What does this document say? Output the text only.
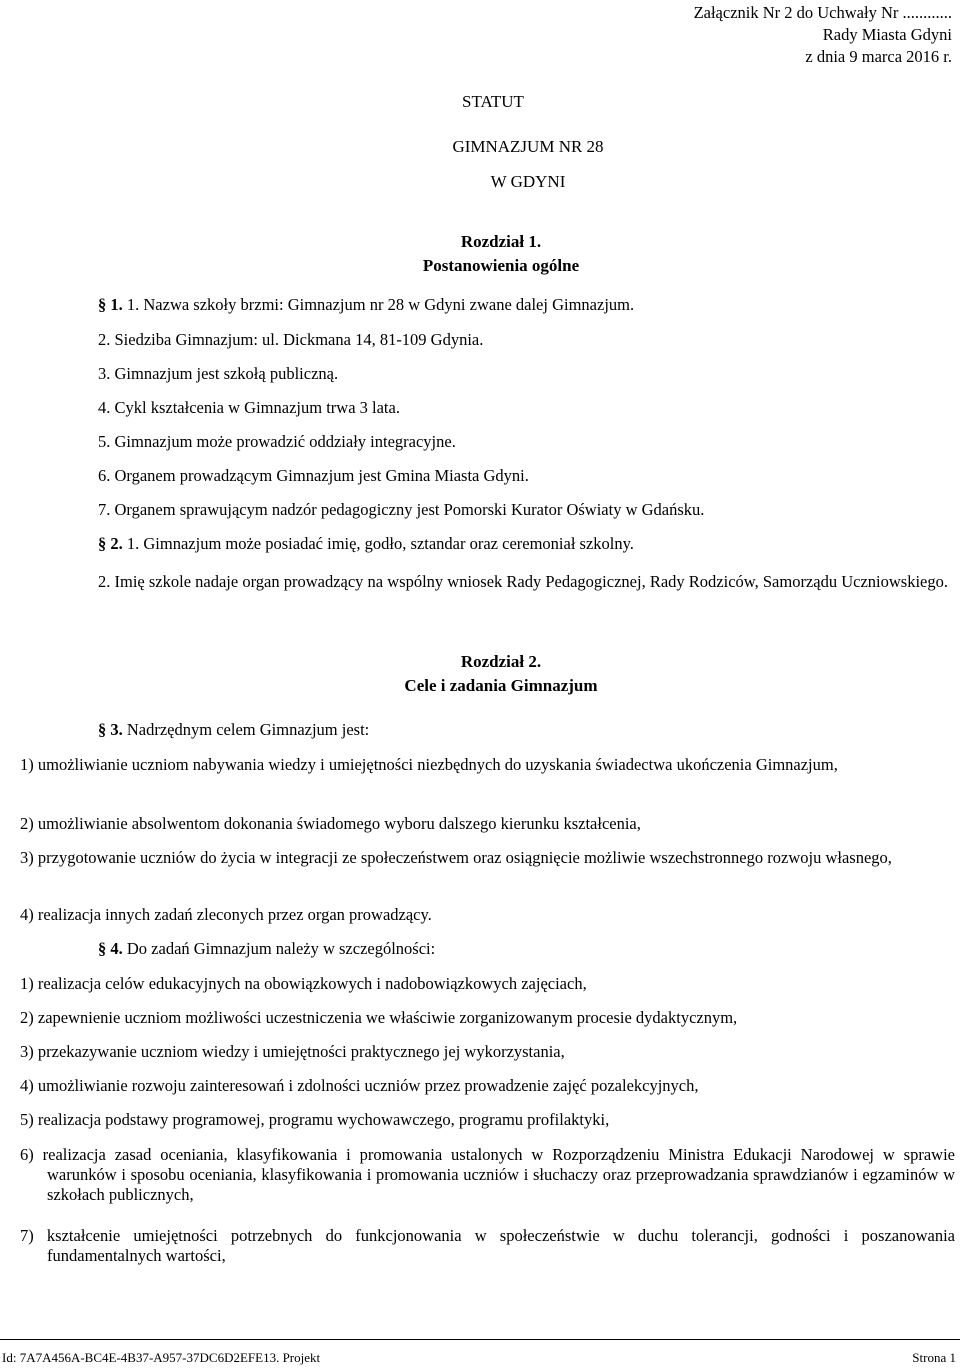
Załącznik Nr 2 do Uchwały Nr ............
Rady Miasta Gdyni
z dnia 9 marca 2016 r.
STATUT
GIMNAZJUM NR 28
W GDYNI
Rozdział 1.
Postanowienia ogólne
§ 1. 1. Nazwa szkoły brzmi: Gimnazjum nr 28 w Gdyni zwane dalej Gimnazjum.
2. Siedziba Gimnazjum: ul. Dickmana 14, 81-109 Gdynia.
3. Gimnazjum jest szkołą publiczną.
4. Cykl kształcenia w Gimnazjum trwa 3 lata.
5. Gimnazjum może prowadzić oddziały integracyjne.
6. Organem prowadzącym Gimnazjum jest Gmina Miasta Gdyni.
7. Organem sprawującym nadzór pedagogiczny jest Pomorski Kurator Oświaty w Gdańsku.
§ 2. 1. Gimnazjum może posiadać imię, godło, sztandar oraz ceremoniał szkolny.
2. Imię szkole nadaje organ prowadzący na wspólny wniosek Rady Pedagogicznej, Rady Rodziców, Samorządu Uczniowskiego.
Rozdział 2.
Cele i zadania Gimnazjum
§ 3. Nadrzędnym celem Gimnazjum jest:
1) umożliwianie uczniom nabywania wiedzy i umiejętności niezbędnych do uzyskania świadectwa ukończenia Gimnazjum,
2) umożliwianie absolwentom dokonania świadomego wyboru dalszego kierunku kształcenia,
3) przygotowanie uczniów do życia w integracji ze społeczeństwem oraz osiągnięcie możliwie wszechstronnego rozwoju własnego,
4) realizacja innych zadań zleconych przez organ prowadzący.
§ 4. Do zadań Gimnazjum należy w szczególności:
1) realizacja celów edukacyjnych na obowiązkowych i nadobowiązkowych zajęciach,
2) zapewnienie uczniom możliwości uczestniczenia we właściwie zorganizowanym procesie dydaktycznym,
3) przekazywanie uczniom wiedzy i umiejętności praktycznego jej wykorzystania,
4) umożliwianie rozwoju zainteresowań i zdolności uczniów przez prowadzenie zajęć pozalekcyjnych,
5) realizacja podstawy programowej, programu wychowawczego, programu profilaktyki,
6) realizacja zasad oceniania, klasyfikowania i promowania ustalonych w Rozporządzeniu Ministra Edukacji Narodowej w sprawie warunków i sposobu oceniania, klasyfikowania i promowania uczniów i słuchaczy oraz przeprowadzania sprawdzianów i egzaminów w szkołach publicznych,
7) kształcenie umiejętności potrzebnych do funkcjonowania w społeczeństwie w duchu tolerancji, godności i poszanowania fundamentalnych wartości,
Id: 7A7A456A-BC4E-4B37-A957-37DC6D2EFE13. Projekt	Strona 1
